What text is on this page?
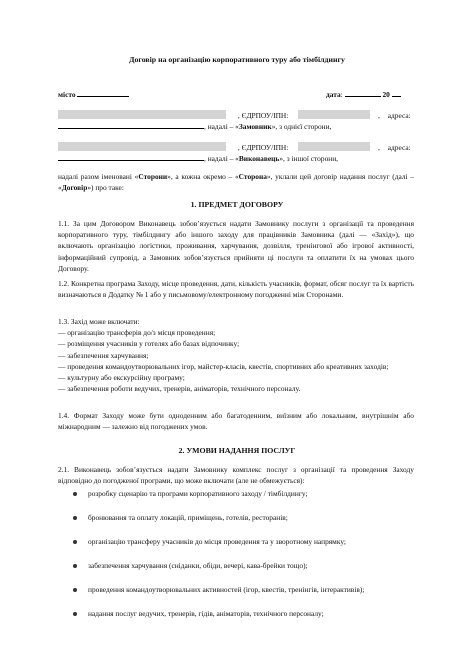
Договір на організацію корпоративного туру або тімбілдингу
місто	дата:	20
, ЄДРПОУ/ІПН:	, адреса:
, надалі – «Замовник», з однієї сторони,
, ЄДРПОУ/ІПН:	, адреса:
, надалі – «Виконавець», з іншої сторони,
надалі разом іменовані «Сторони», а кожна окремо – «Сторона», уклали цей договір надання послуг (далі – «Договір») про таке:
1. ПРЕДМЕТ ДОГОВОРУ
1.1. За цим Договором Виконавець зобов’язується надати Замовнику послуги з організації та проведення корпоративного туру, тімбілдингу або іншого заходу для працівників Замовника (далі — «Захід»), що включають організацію логістики, проживання, харчування, дозвілля, тренінгової або ігрової активності, інформаційний супровід, а Замовник зобов’язується прийняти ці послуги та оплатити їх на умовах цього Договору.
1.2. Конкретна програма Заходу, місце проведення, дати, кількість учасників, формат, обсяг послуг та їх вартість визначаються в Додатку № 1 або у письмовому/електронному погодженні між Сторонами.
1.3. Захід може включати:
— організацію трансферів до/з місця проведення;
— розміщення учасників у готелях або базах відпочинку;
— забезпечення харчування;
— проведення командоутворювальних ігор, майстер-класів, квестів, спортивних або креативних заходів;
— культурну або екскурсійну програму;
— забезпечення роботи ведучих, тренерів, аніматорів, технічного персоналу.
1.4. Формат Заходу може бути одноденним або багатоденним, виїзним або локальним, внутрішнім або міжнародним — залежно від погоджених умов.
2. УМОВИ НАДАННЯ ПОСЛУГ
2.1. Виконавець зобов’язується надати Замовнику комплекс послуг з організації та проведення Заходу відповідно до погодженої програми, що може включати (але не обмежується):
розробку сценарію та програми корпоративного заходу / тімбілдингу;
бронювання та оплату локацій, приміщень, готелів, ресторанів;
організацію трансферу учасників до місця проведення та у зворотному напрямку;
забезпечення харчування (сніданки, обіди, вечері, кава-брейки тощо);
проведення командоутворювальних активностей (ігор, квестів, тренінгів, інтерактивів);
надання послуг ведучих, тренерів, гідів, аніматорів, технічного персоналу;
